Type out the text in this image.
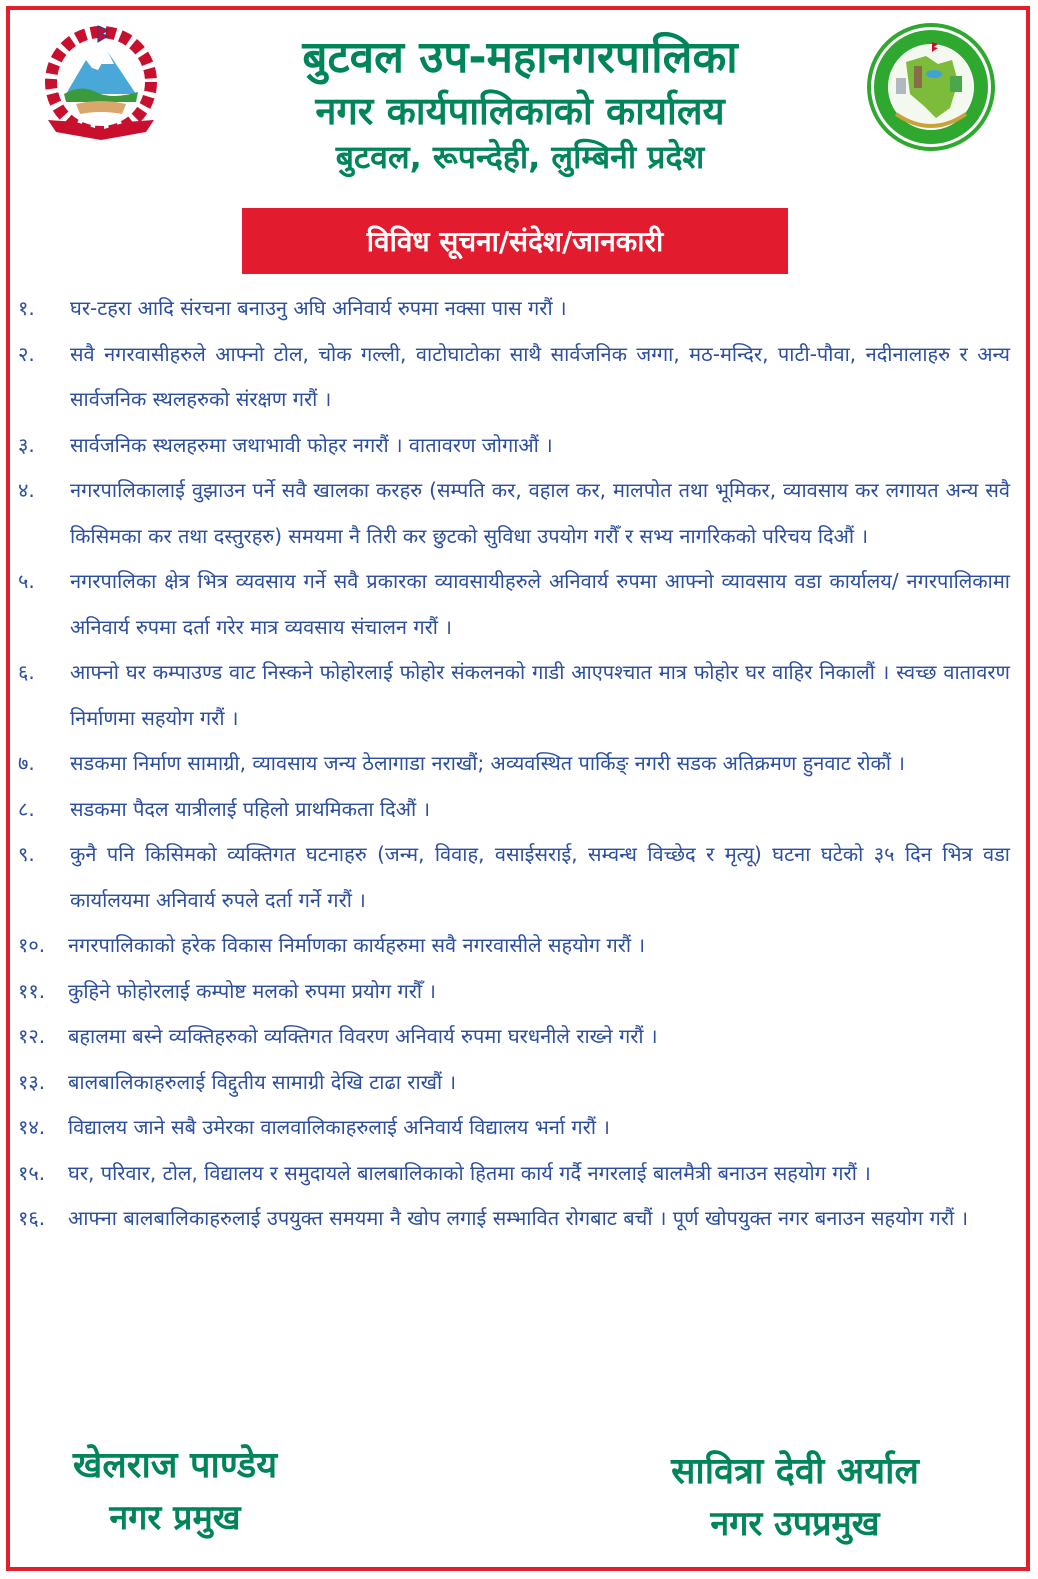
बुटवल उप-महानगरपालिका
नगर कार्यपालिकाको कार्यालय
बुटवल, रूपन्देही, लुम्बिनी प्रदेश
विविध सूचना/संदेश/जानकारी
१.	घर-टहरा आदि संरचना बनाउनु अघि अनिवार्य रुपमा नक्सा पास गरौं ।
२.	सवै नगरवासीहरुले आफ्नो टोल, चोक गल्ली, वाटोघाटोका साथै सार्वजनिक जग्गा, मठ-मन्दिर, पाटी-पौवा, नदीनालाहरु र अन्य सार्वजनिक स्थलहरुको संरक्षण गरौं ।
३.	सार्वजनिक स्थलहरुमा जथाभावी फोहर नगरौं । वातावरण जोगाऔं ।
४.	नगरपालिकालाई वुझाउन पर्ने सवै खालका करहरु (सम्पति कर, वहाल कर, मालपोत तथा भूमिकर, व्यावसाय कर लगायत अन्य सवै किसिमका कर तथा दस्तुरहरु) समयमा नै तिरी कर छुटको सुविधा उपयोग गरौँ र सभ्य नागरिकको परिचय दिऔं ।
५.	नगरपालिका क्षेत्र भित्र व्यवसाय गर्ने सवै प्रकारका व्यावसायीहरुले अनिवार्य रुपमा आफ्नो व्यावसाय वडा कार्यालय/ नगरपालिकामा अनिवार्य रुपमा दर्ता गरेर मात्र व्यवसाय संचालन गरौं ।
६.	आफ्नो घर कम्पाउण्ड वाट निस्कने फोहोरलाई फोहोर संकलनको गाडी आएपश्चात मात्र फोहोर घर वाहिर निकालौं । स्वच्छ वातावरण निर्माणमा सहयोग गरौं ।
७.	सडकमा निर्माण सामाग्री, व्यावसाय जन्य ठेलागाडा नराखौं; अव्यवस्थित पार्किङ् नगरी सडक अतिक्रमण हुनवाट रोकौं ।
८.	सडकमा पैदल यात्रीलाई पहिलो प्राथमिकता दिऔं ।
९.	कुनै पनि किसिमको व्यक्तिगत घटनाहरु (जन्म, विवाह, वसाईसराई, सम्वन्ध विच्छेद र मृत्यू) घटना घटेको ३५ दिन भित्र वडा कार्यालयमा अनिवार्य रुपले दर्ता गर्ने गरौं ।
१०.	नगरपालिकाको हरेक विकास निर्माणका कार्यहरुमा सवै नगरवासीले सहयोग गरौं ।
११.	कुहिने फोहोरलाई कम्पोष्ट मलको रुपमा प्रयोग गरौँ ।
१२.	बहालमा बस्ने व्यक्तिहरुको व्यक्तिगत विवरण अनिवार्य रुपमा घरधनीले राख्ने गरौं ।
१३.	बालबालिकाहरुलाई विद्दुतीय सामाग्री देखि टाढा राखौं ।
१४.	विद्यालय जाने सबै उमेरका वालवालिकाहरुलाई अनिवार्य विद्यालय भर्ना गरौं ।
१५.	घर, परिवार, टोल, विद्यालय र समुदायले बालबालिकाको हितमा कार्य गर्दै नगरलाई बालमैत्री बनाउन सहयोग गरौं ।
१६.	आफ्ना बालबालिकाहरुलाई उपयुक्त समयमा नै खोप लगाई सम्भावित रोगबाट बचौं । पूर्ण खोपयुक्त नगर बनाउन सहयोग गरौं ।
खेलराज पाण्डेय
नगर प्रमुख
सावित्रा देवी अर्याल
नगर उपप्रमुख
